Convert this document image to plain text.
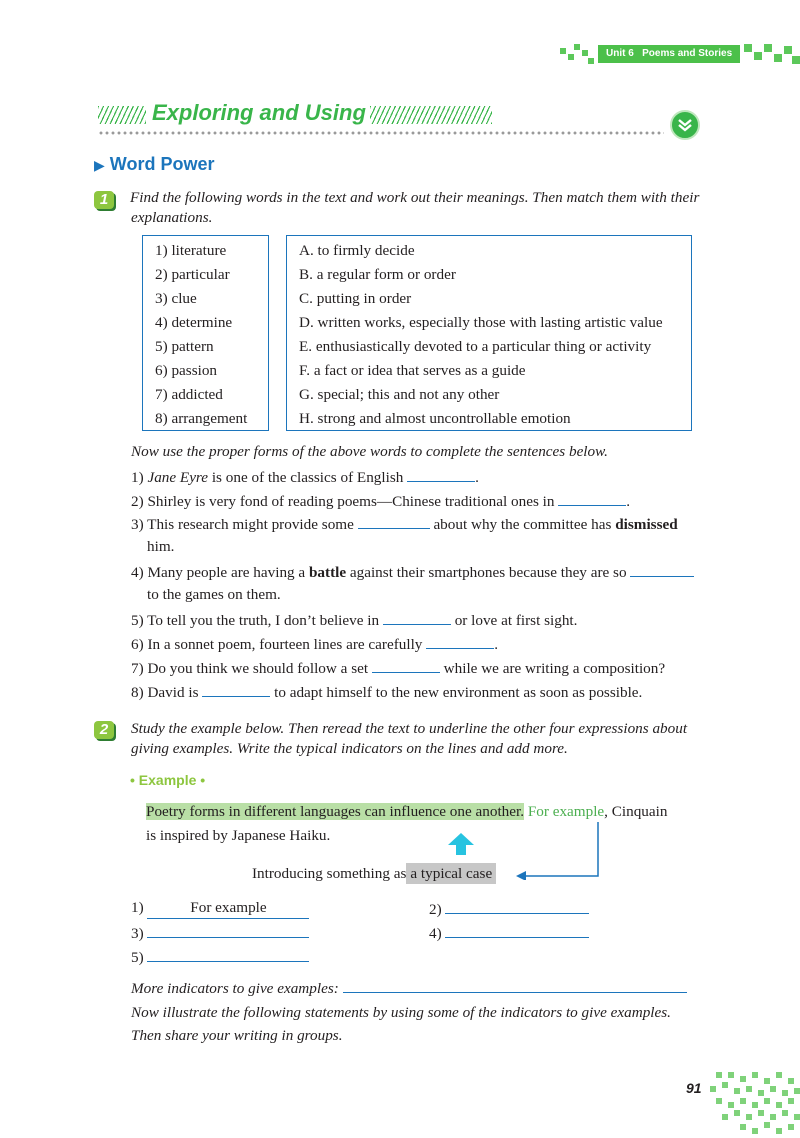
Unit 6 Poems and Stories
Exploring and Using
▶ Word Power
1	Find the following words in the text and work out their meanings. Then match them with their explanations.
1) literature
2) particular
3) clue
4) determine
5) pattern
6) passion
7) addicted
8) arrangement
A. to firmly decide
B. a regular form or order
C. putting in order
D. written works, especially those with lasting artistic value
E. enthusiastically devoted to a particular thing or activity
F. a fact or idea that serves as a guide
G. special; this and not any other
H. strong and almost uncontrollable emotion
Now use the proper forms of the above words to complete the sentences below.
1) Jane Eyre is one of the classics of English	.
2) Shirley is very fond of reading poems—Chinese traditional ones in	.
3) This research might provide some	about why the committee has dismissed
him.
4) Many people are having a battle against their smartphones because they are so
to the games on them.
5) To tell you the truth, I don’t believe in	or love at first sight.
6) In a sonnet poem, fourteen lines are carefully	.
7) Do you think we should follow a set	while we are writing a composition?
8) David is	to adapt himself to the new environment as soon as possible.
2	Study the example below. Then reread the text to underline the other four expressions about giving examples. Write the typical indicators on the lines and add more.
• Example •
Poetry forms in different languages can influence one another. For example, Cinquain
is inspired by Japanese Haiku.
Introducing something as a typical case
1)	For example	2)
3)	4)
5)
More indicators to give examples:
Now illustrate the following statements by using some of the indicators to give examples. Then share your writing in groups.
91
